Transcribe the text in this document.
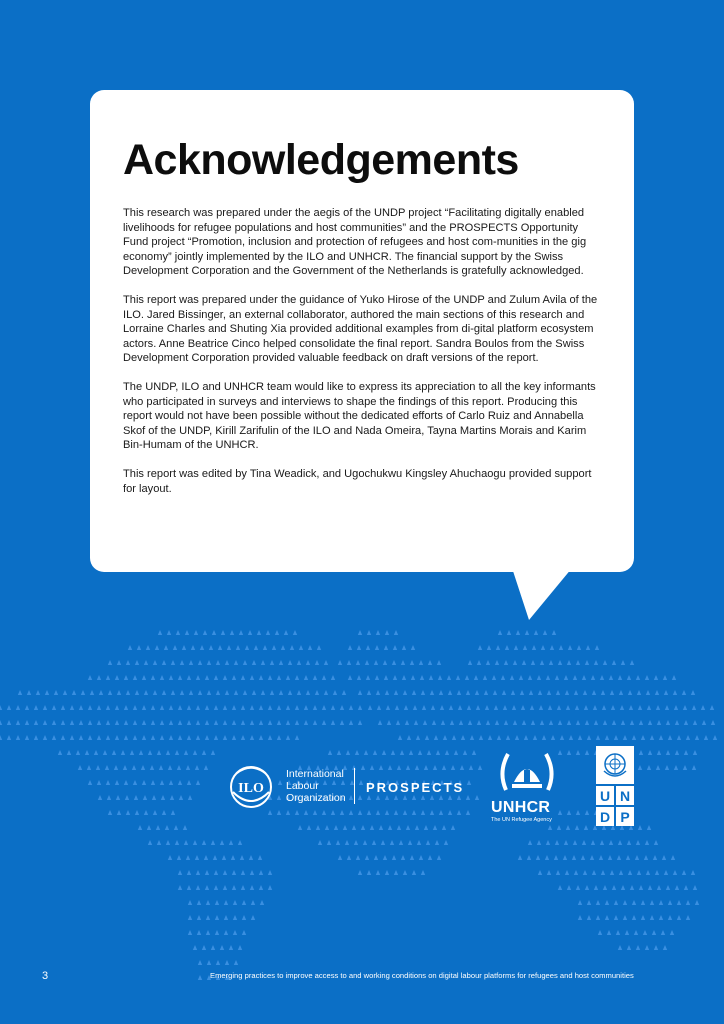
Acknowledgements

This research was prepared under the aegis of the UNDP project “Facilitating digitally enabled livelihoods for refugee populations and host communities” and the PROSPECTS Opportunity Fund project “Promotion, inclusion and protection of refugees and host com-munities in the gig economy” jointly implemented by the ILO and UNHCR. The financial support by the Swiss Development Corporation and the Government of the Netherlands is gratefully acknowledged.

This report was prepared under the guidance of Yuko Hirose of the UNDP and Zulum Avila of the ILO. Jared Bissinger, an external collaborator, authored the main sections of this research and Lorraine Charles and Shuting Xia provided additional examples from di-gital platform ecosystem actors. Anne Beatrice Cinco helped consolidate the final report. Sandra Boulos from the Swiss Development Corporation provided valuable feedback on draft versions of the report.

The UNDP, ILO and UNHCR team would like to express its appreciation to all the key informants who participated in surveys and interviews to shape the findings of this report. Producing this report would not have been possible without the dedicated efforts of Carlo Ruiz and Annabella Skof of the UNDP, Kirill Zarifulin of the ILO and Nada Omeira, Tayna Martins Morais and Karim Bin-Humam of the UNHCR.

This report was edited by Tina Weadick, and Ugochukwu Kingsley Ahuchaogu provided support for layout.

ILO
International
Labour
Organization
PROSPECTS
UNHCR
The UN Refugee Agency
U N
D P
3	Emerging practices to improve access to and working conditions on digital labour platforms for refugees and host communities
